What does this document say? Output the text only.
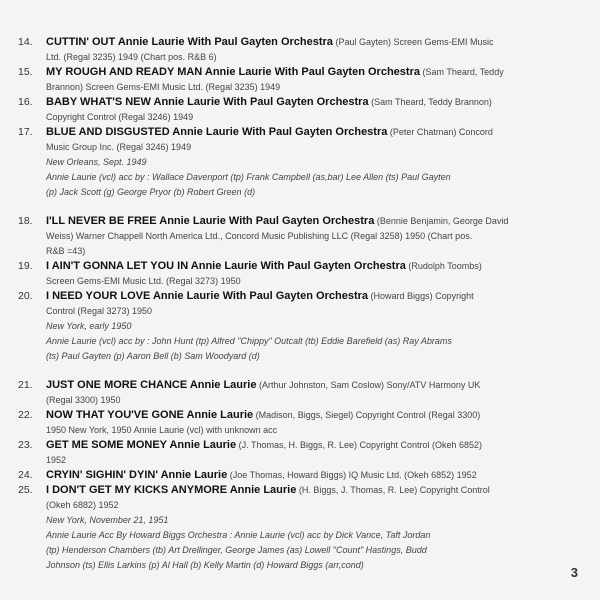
14. CUTTIN' OUT Annie Laurie With Paul Gayten Orchestra (Paul Gayten) Screen Gems-EMI Music
Ltd. (Regal 3235) 1949 (Chart pos. R&B 6)
15. MY ROUGH AND READY MAN Annie Laurie With Paul Gayten Orchestra (Sam Theard, Teddy
Brannon) Screen Gems-EMI Music Ltd. (Regal 3235) 1949
16. BABY WHAT'S NEW Annie Laurie With Paul Gayten Orchestra (Sam Theard, Teddy Brannon)
Copyright Control (Regal 3246) 1949
17. BLUE AND DISGUSTED Annie Laurie With Paul Gayten Orchestra (Peter Chatman) Concord
Music Group Inc. (Regal 3246) 1949
New Orleans, Sept. 1949
Annie Laurie (vcl) acc by : Wallace Davenport (tp) Frank Campbell (as,bar) Lee Allen (ts) Paul Gayten
(p) Jack Scott (g) George Pryor (b) Robert Green (d)
18. I'LL NEVER BE FREE Annie Laurie With Paul Gayten Orchestra (Bennie Benjamin, George David
Weiss) Warner Chappell North America Ltd., Concord Music Publishing LLC (Regal 3258) 1950 (Chart pos.
R&B =43)
19. I AIN'T GONNA LET YOU IN Annie Laurie With Paul Gayten Orchestra (Rudolph Toombs)
Screen Gems-EMI Music Ltd. (Regal 3273) 1950
20. I NEED YOUR LOVE Annie Laurie With Paul Gayten Orchestra (Howard Biggs) Copyright
Control (Regal 3273) 1950
New York, early 1950
Annie Laurie (vcl) acc by : John Hunt (tp) Alfred "Chippy" Outcalt (tb) Eddie Barefield (as) Ray Abrams
(ts) Paul Gayten (p) Aaron Bell (b) Sam Woodyard (d)
21. JUST ONE MORE CHANCE Annie Laurie (Arthur Johnston, Sam Coslow) Sony/ATV Harmony UK
(Regal 3300) 1950
22. NOW THAT YOU'VE GONE Annie Laurie (Madison, Biggs, Siegel) Copyright Control (Regal 3300)
1950 New York, 1950 Annie Laurie (vcl) with unknown acc
23. GET ME SOME MONEY Annie Laurie (J. Thomas, H. Biggs, R. Lee) Copyright Control (Okeh 6852)
1952
24. CRYIN' SIGHIN' DYIN' Annie Laurie (Joe Thomas, Howard Biggs) IQ Music Ltd. (Okeh 6852) 1952
25. I DON'T GET MY KICKS ANYMORE Annie Laurie (H. Biggs, J. Thomas, R. Lee) Copyright Control
(Okeh 6882) 1952
New York, November 21, 1951
Annie Laurie Acc By Howard Biggs Orchestra : Annie Laurie (vcl) acc by Dick Vance, Taft Jordan
(tp) Henderson Chambers (tb) Art Drellinger, George James (as) Lowell "Count" Hastings, Budd
Johnson (ts) Ellis Larkins (p) Al Hall (b) Kelly Martin (d) Howard Biggs (arr,cond)	3
